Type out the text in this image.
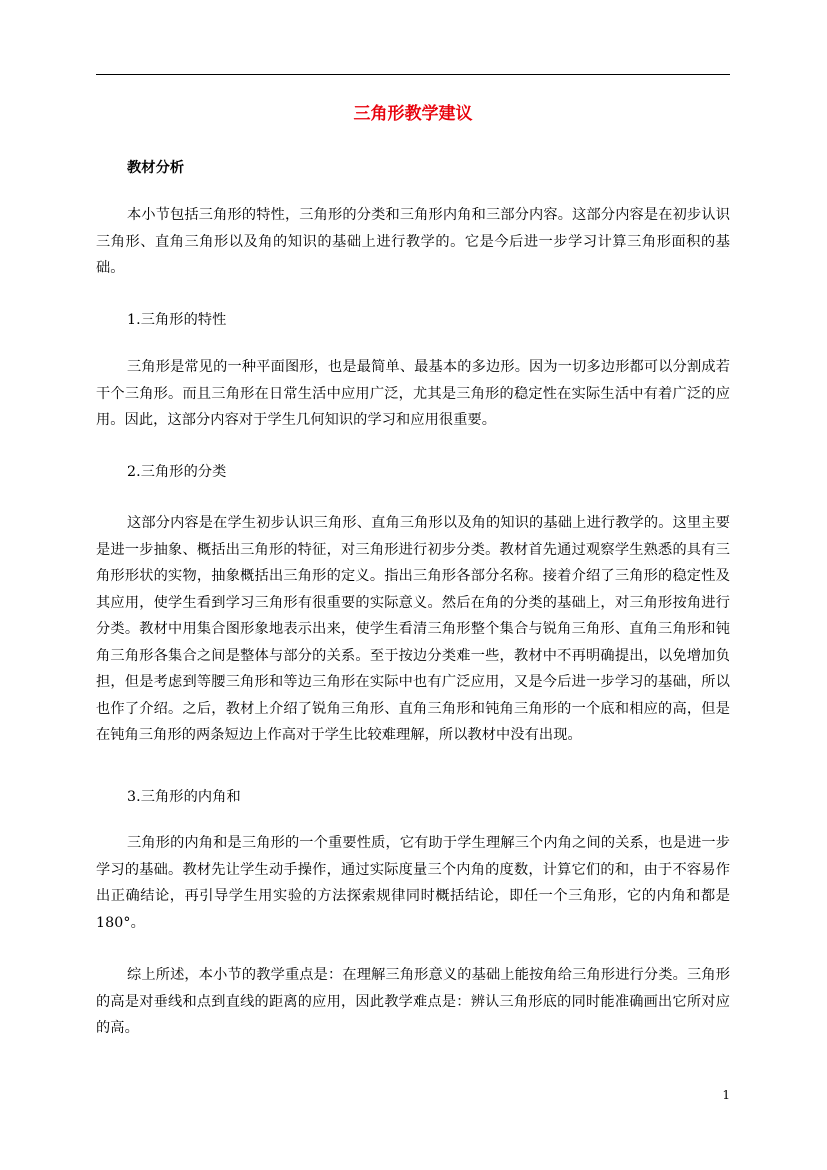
三角形教学建议

教材分析

本小节包括三角形的特性，三角形的分类和三角形内角和三部分内容。这部分内容是在初步认识三角形、直角三角形以及角的知识的基础上进行教学的。它是今后进一步学习计算三角形面积的基础。

1.三角形的特性

三角形是常见的一种平面图形，也是最简单、最基本的多边形。因为一切多边形都可以分割成若干个三角形。而且三角形在日常生活中应用广泛，尤其是三角形的稳定性在实际生活中有着广泛的应用。因此，这部分内容对于学生几何知识的学习和应用很重要。

2.三角形的分类

这部分内容是在学生初步认识三角形、直角三角形以及角的知识的基础上进行教学的。这里主要是进一步抽象、概括出三角形的特征，对三角形进行初步分类。教材首先通过观察学生熟悉的具有三角形形状的实物，抽象概括出三角形的定义。指出三角形各部分名称。接着介绍了三角形的稳定性及其应用，使学生看到学习三角形有很重要的实际意义。然后在角的分类的基础上，对三角形按角进行分类。教材中用集合图形象地表示出来，使学生看清三角形整个集合与锐角三角形、直角三角形和钝角三角形各集合之间是整体与部分的关系。至于按边分类难一些，教材中不再明确提出，以免增加负担，但是考虑到等腰三角形和等边三角形在实际中也有广泛应用，又是今后进一步学习的基础，所以也作了介绍。之后，教材上介绍了锐角三角形、直角三角形和钝角三角形的一个底和相应的高，但是在钝角三角形的两条短边上作高对于学生比较难理解，所以教材中没有出现。

3.三角形的内角和

三角形的内角和是三角形的一个重要性质，它有助于学生理解三个内角之间的关系，也是进一步学习的基础。教材先让学生动手操作，通过实际度量三个内角的度数，计算它们的和，由于不容易作出正确结论，再引导学生用实验的方法探索规律同时概括结论，即任一个三角形，它的内角和都是180°。

综上所述，本小节的教学重点是：在理解三角形意义的基础上能按角给三角形进行分类。三角形的高是对垂线和点到直线的距离的应用，因此教学难点是：辨认三角形底的同时能准确画出它所对应的高。

1
